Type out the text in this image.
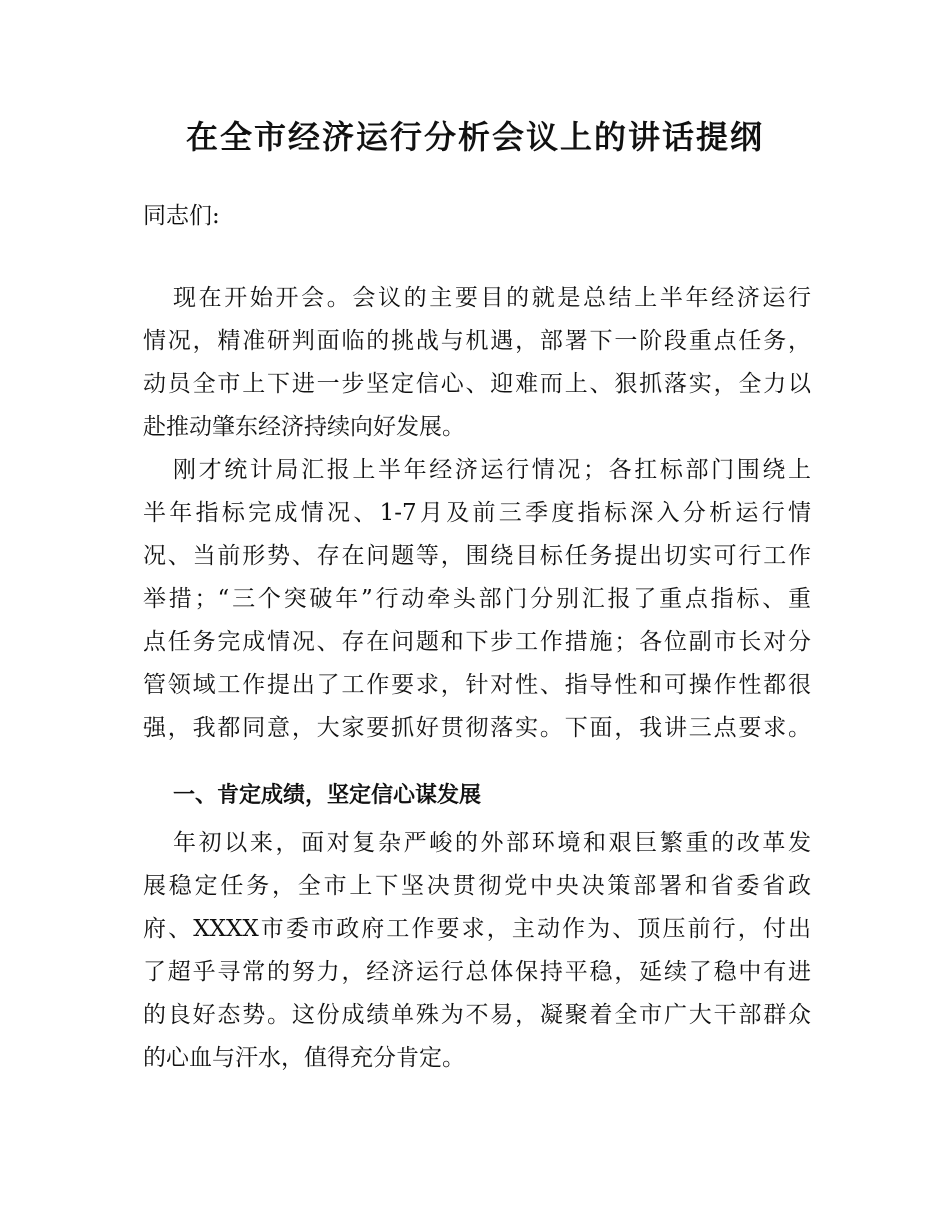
在全市经济运行分析会议上的讲话提纲
同志们:
现在开始开会。会议的主要目的就是总结上半年经济运行
情况，精准研判面临的挑战与机遇，部署下一阶段重点任务，
动员全市上下进一步坚定信心、迎难而上、狠抓落实，全力以
赴推动肇东经济持续向好发展。
刚才统计局汇报上半年经济运行情况；各扛标部门围绕上
半年指标完成情况、1-7月及前三季度指标深入分析运行情
况、当前形势、存在问题等，围绕目标任务提出切实可行工作
举措；“三个突破年”行动牵头部门分别汇报了重点指标、重
点任务完成情况、存在问题和下步工作措施；各位副市长对分
管领域工作提出了工作要求，针对性、指导性和可操作性都很
强，我都同意，大家要抓好贯彻落实。下面，我讲三点要求。
一、肯定成绩，坚定信心谋发展
年初以来，面对复杂严峻的外部环境和艰巨繁重的改革发
展稳定任务，全市上下坚决贯彻党中央决策部署和省委省政
府、XXXX市委市政府工作要求，主动作为、顶压前行，付出
了超乎寻常的努力，经济运行总体保持平稳，延续了稳中有进
的良好态势。这份成绩单殊为不易，凝聚着全市广大干部群众
的心血与汗水，值得充分肯定。
